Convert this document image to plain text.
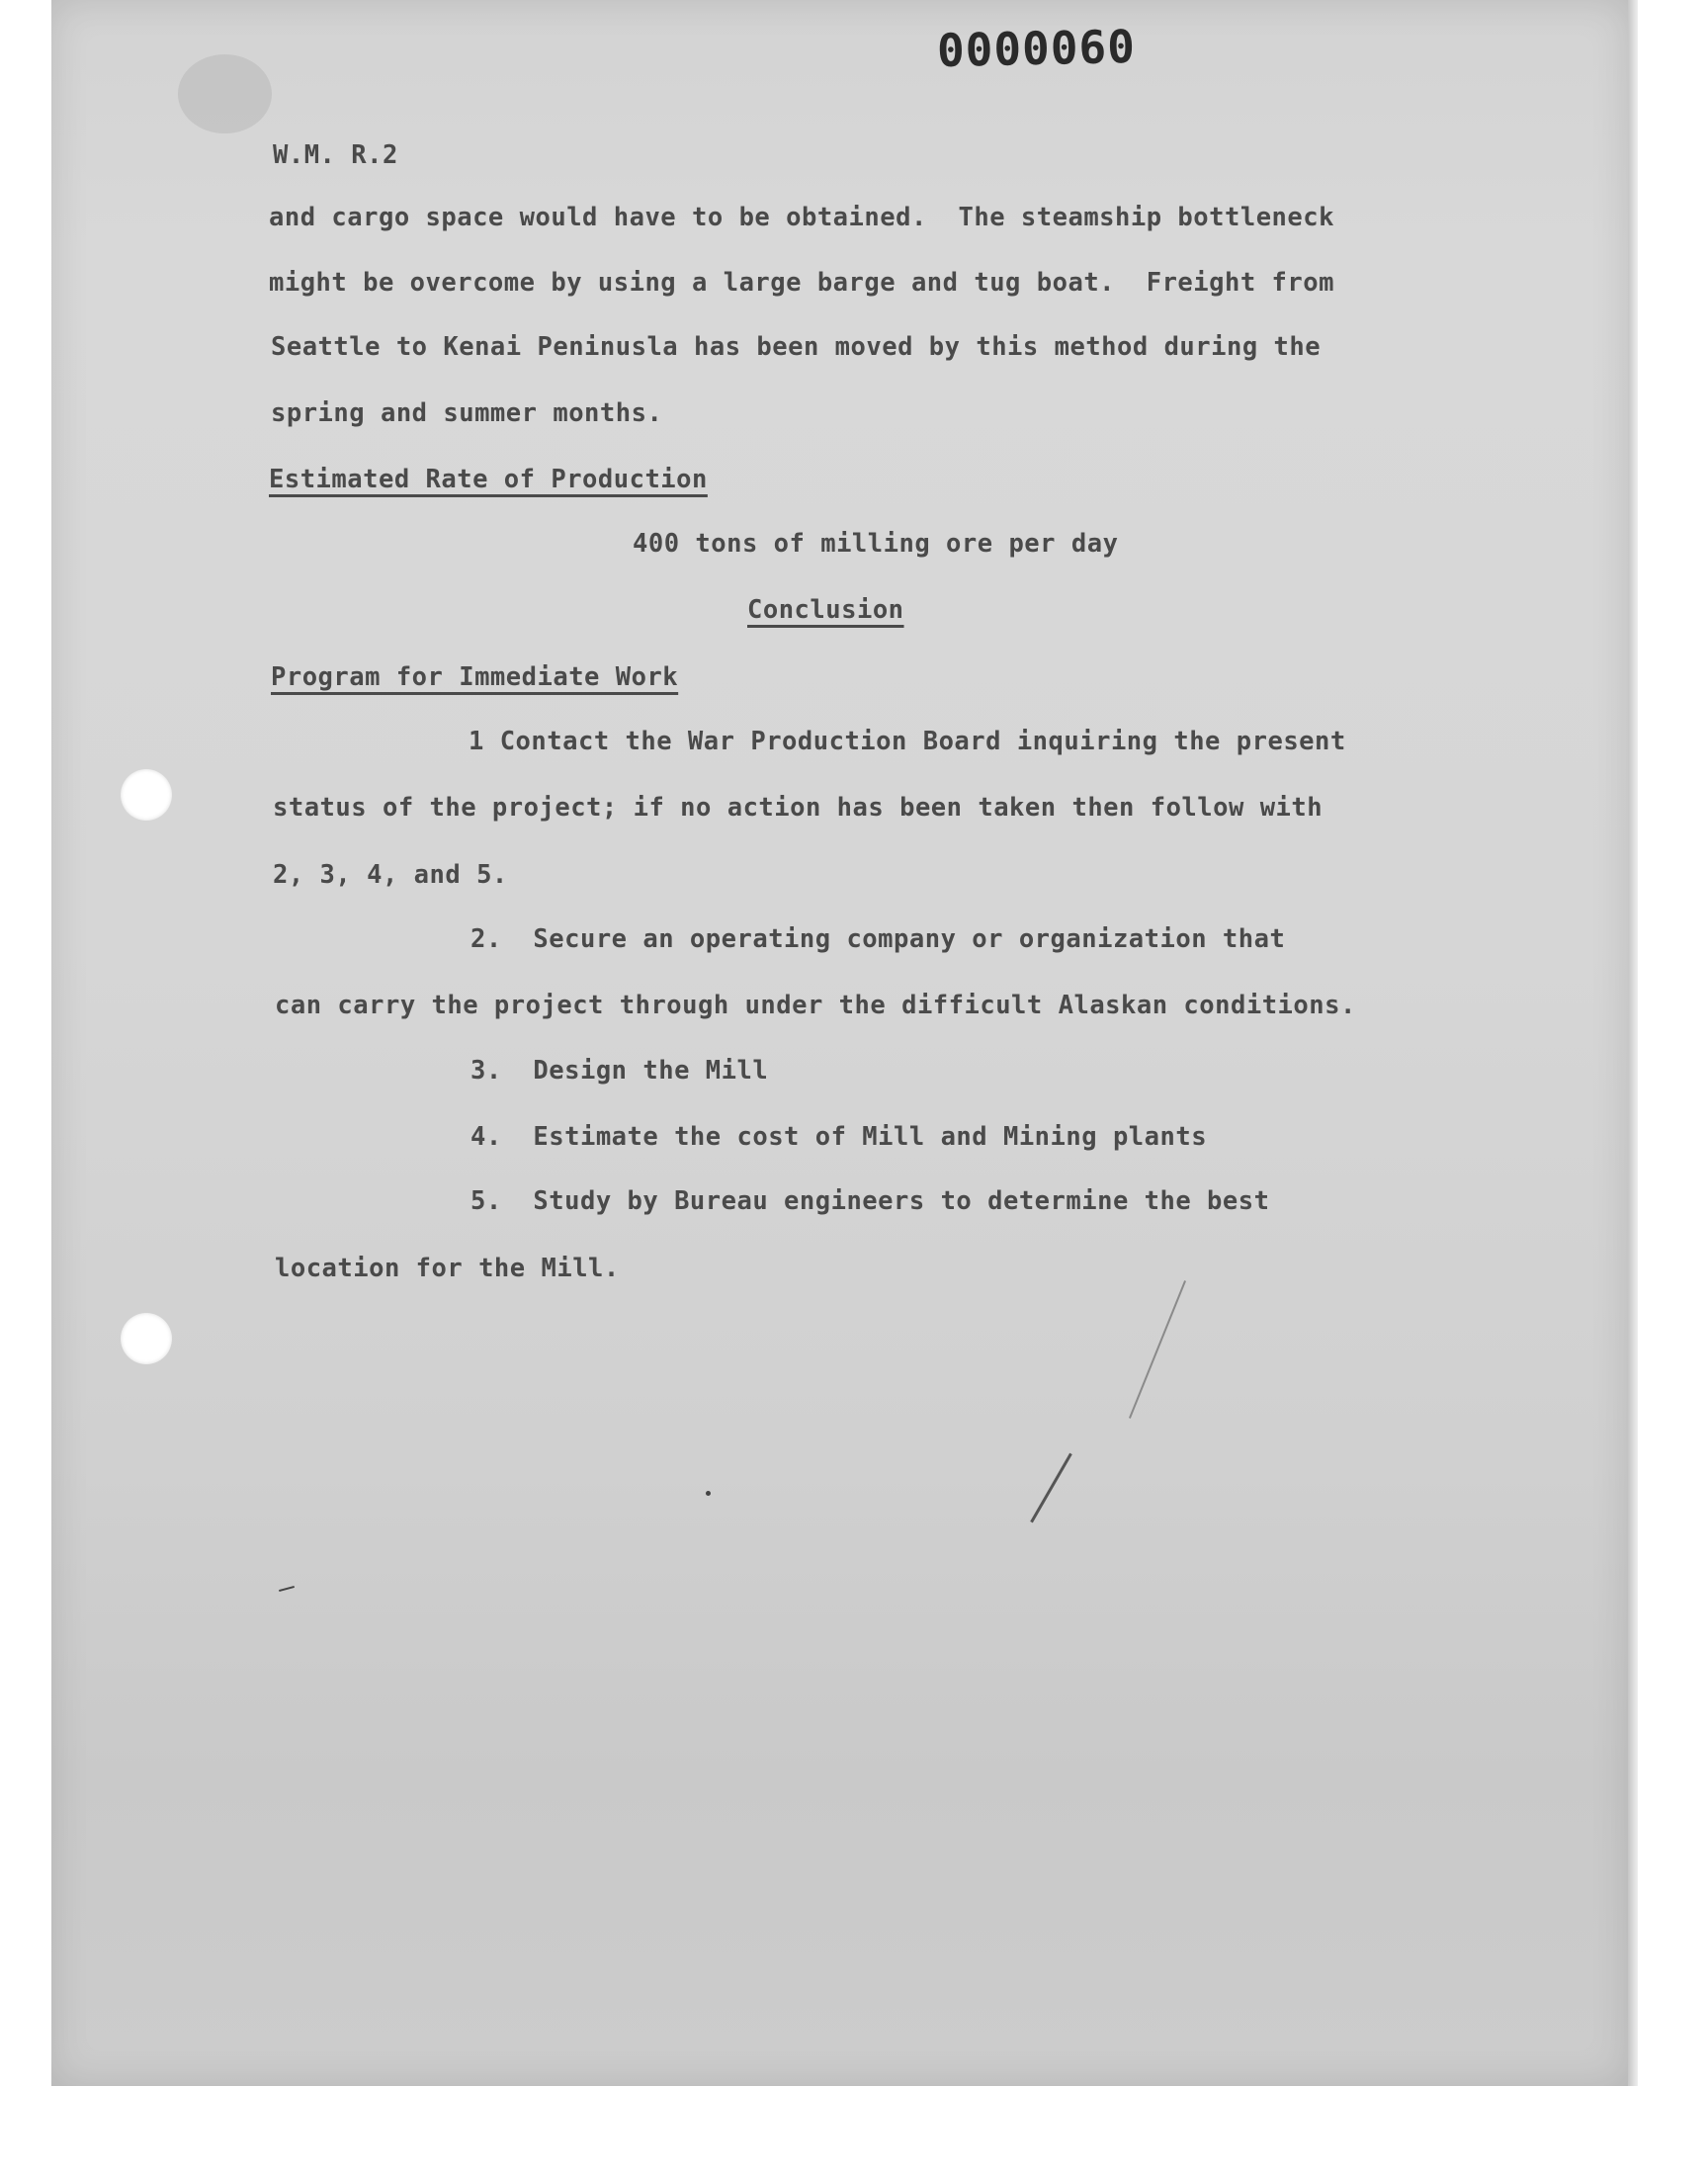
0000060
W.M. R.2
and cargo space would have to be obtained.  The steamship bottleneck
might be overcome by using a large barge and tug boat.  Freight from
Seattle to Kenai Peninusla has been moved by this method during the
spring and summer months.
Estimated Rate of Production
400 tons of milling ore per day
Conclusion
Program for Immediate Work
1 Contact the War Production Board inquiring the present
status of the project; if no action has been taken then follow with
2, 3, 4, and 5.
2.  Secure an operating company or organization that
can carry the project through under the difficult Alaskan conditions.
3.  Design the Mill
4.  Estimate the cost of Mill and Mining plants
5.  Study by Bureau engineers to determine the best
location for the Mill.
